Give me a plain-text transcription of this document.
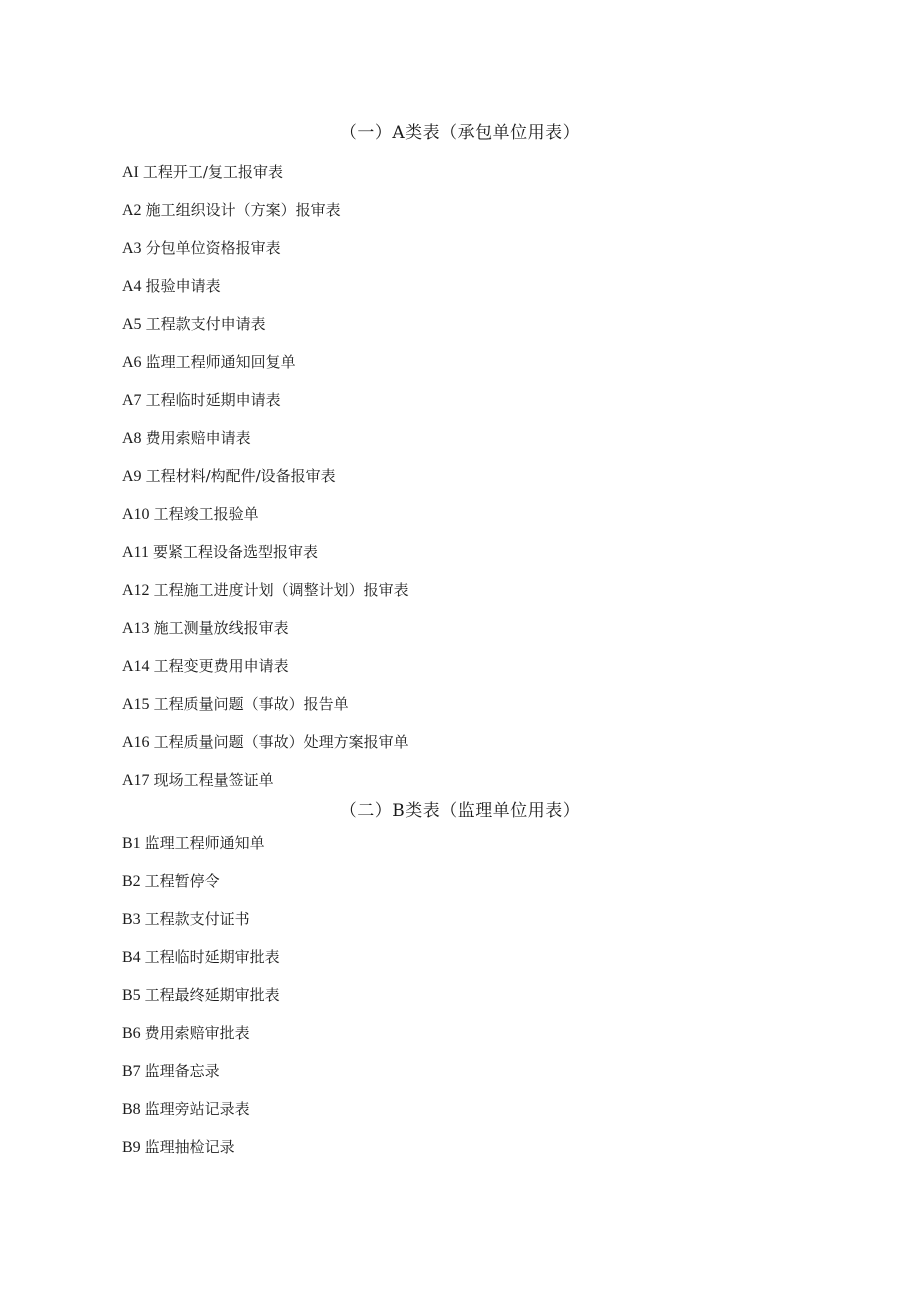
（一）A类表（承包单位用表）
AI 工程开工/复工报审表
A2 施工组织设计（方案）报审表
A3 分包单位资格报审表
A4 报验申请表
A5 工程款支付申请表
A6 监理工程师通知回复单
A7 工程临时延期申请表
A8 费用索赔申请表
A9 工程材料/构配件/设备报审表
A10 工程竣工报验单
A11 要紧工程设备选型报审表
A12 工程施工进度计划（调整计划）报审表
A13 施工测量放线报审表
A14 工程变更费用申请表
A15 工程质量问题（事故）报告单
A16 工程质量问题（事故）处理方案报审单
A17 现场工程量签证单
（二）B类表（监理单位用表）
B1 监理工程师通知单
B2 工程暂停令
B3 工程款支付证书
B4 工程临时延期审批表
B5 工程最终延期审批表
B6 费用索赔审批表
B7 监理备忘录
B8 监理旁站记录表
B9 监理抽检记录
